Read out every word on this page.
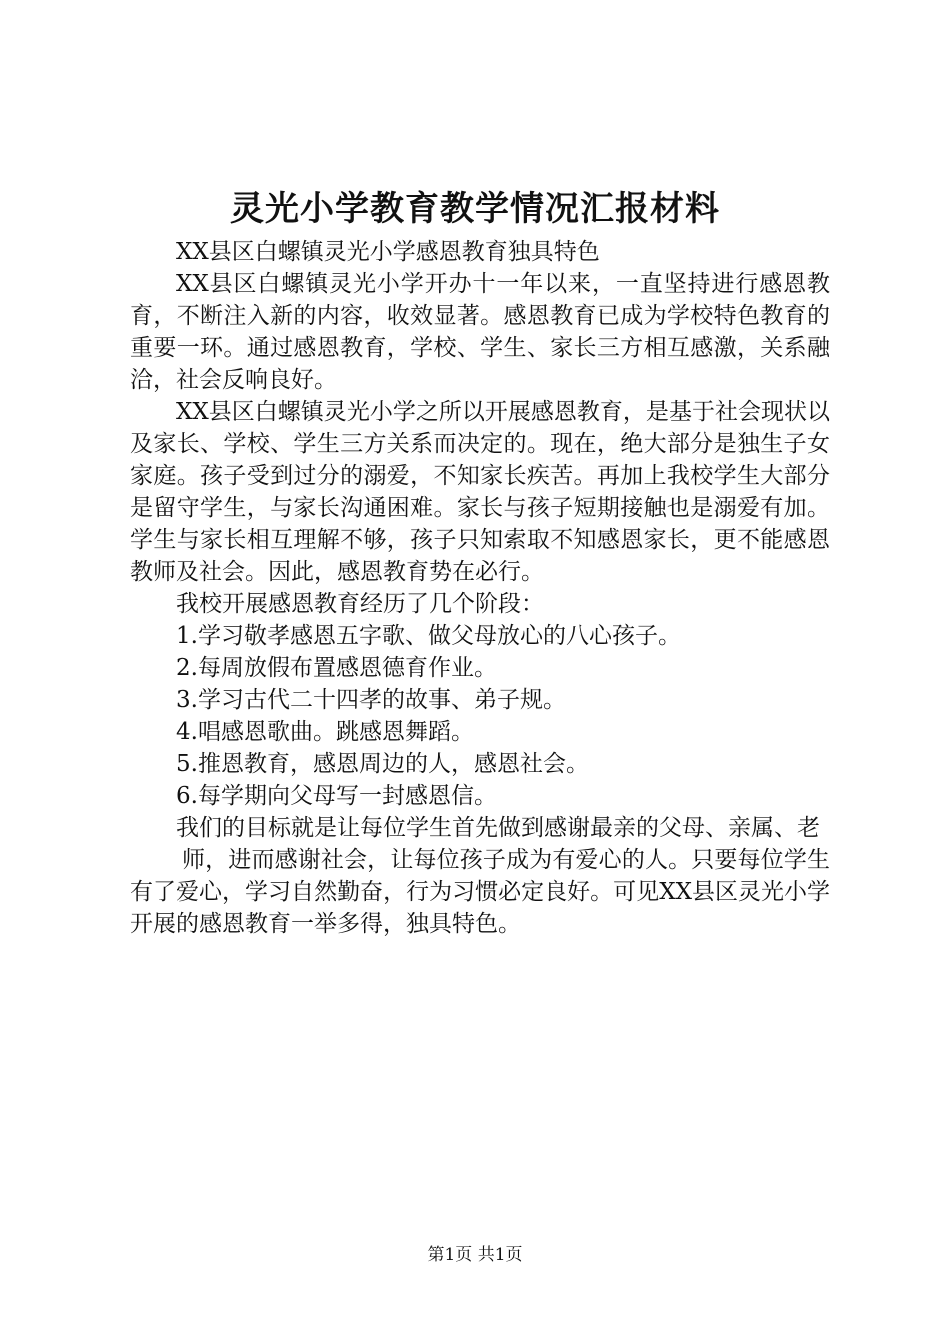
灵光小学教育教学情况汇报材料

XX县区白螺镇灵光小学感恩教育独具特色

XX县区白螺镇灵光小学开办十一年以来，一直坚持进行感恩教育，不断注入新的内容，收效显著。感恩教育已成为学校特色教育的重要一环。通过感恩教育，学校、学生、家长三方相互感激，关系融洽，社会反响良好。

XX县区白螺镇灵光小学之所以开展感恩教育，是基于社会现状以及家长、学校、学生三方关系而决定的。现在，绝大部分是独生子女家庭。孩子受到过分的溺爱，不知家长疾苦。再加上我校学生大部分是留守学生，与家长沟通困难。家长与孩子短期接触也是溺爱有加。学生与家长相互理解不够，孩子只知索取不知感恩家长，更不能感恩教师及社会。因此，感恩教育势在必行。

我校开展感恩教育经历了几个阶段：

1.学习敬孝感恩五字歌、做父母放心的八心孩子。

2.每周放假布置感恩德育作业。

3.学习古代二十四孝的故事、弟子规。

4.唱感恩歌曲。跳感恩舞蹈。

5.推恩教育，感恩周边的人，感恩社会。

6.每学期向父母写一封感恩信。

我们的目标就是让每位学生首先做到感谢最亲的父母、亲属、老

师，进而感谢社会，让每位孩子成为有爱心的人。只要每位学生有了爱心，学习自然勤奋，行为习惯必定良好。可见XX县区灵光小学开展的感恩教育一举多得，独具特色。

第1页 共1页
